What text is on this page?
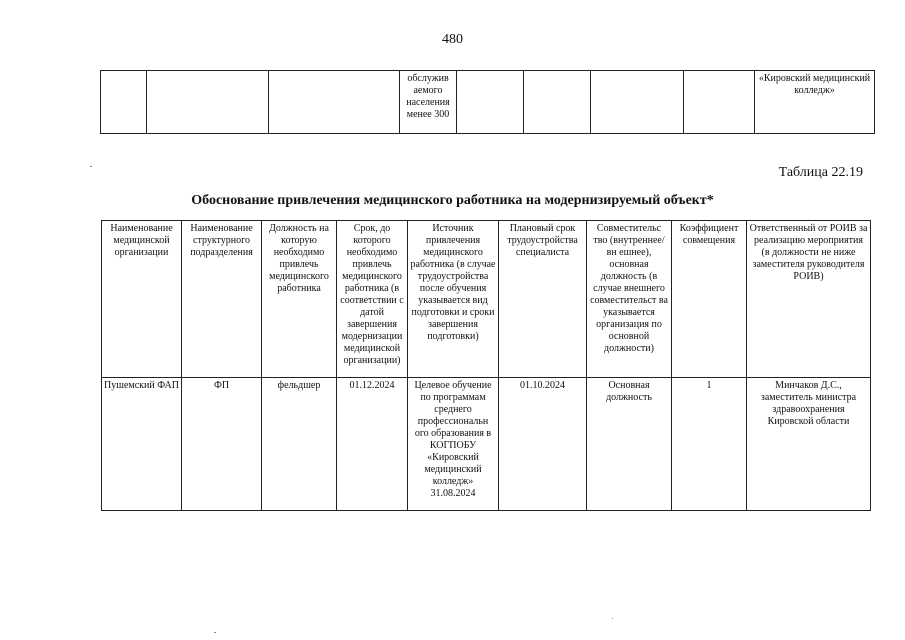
480
			обслужив аемого населения менее 300					«Кировский медицинский колледж»
Таблица 22.19
Обоснование привлечения медицинского работника на модернизируемый объект*
Наименование медицинской организации	Наименование структурного подразделения	Должность на которую необходимо привлечь медицинского работника	Срок, до которого необходимо привлечь медицинского работника (в соответствии с датой завершения модернизации медицинской организации)	Источник привлечения медицинского работника (в случае трудоустройства после обучения указывается вид подготовки и сроки завершения подготовки)	Плановый срок трудоустройства специалиста	Совместительс тво (внутреннее/вн ешнее), основная должность (в случае внешнего совместительст ва указывается организация по основной должности)	Коэффициент совмещения	Ответственный от РОИВ за реализацию мероприятия (в должности не ниже заместителя руководителя РОИВ)
Пушемский ФАП	ФП	фельдшер	01.12.2024	Целевое обучение по программам среднего профессиональн ого образования в КОГПОБУ «Кировский медицинский колледж» 31.08.2024	01.10.2024	Основная должность	1	Минчаков Д.С., заместитель министра здравоохранения Кировской области
